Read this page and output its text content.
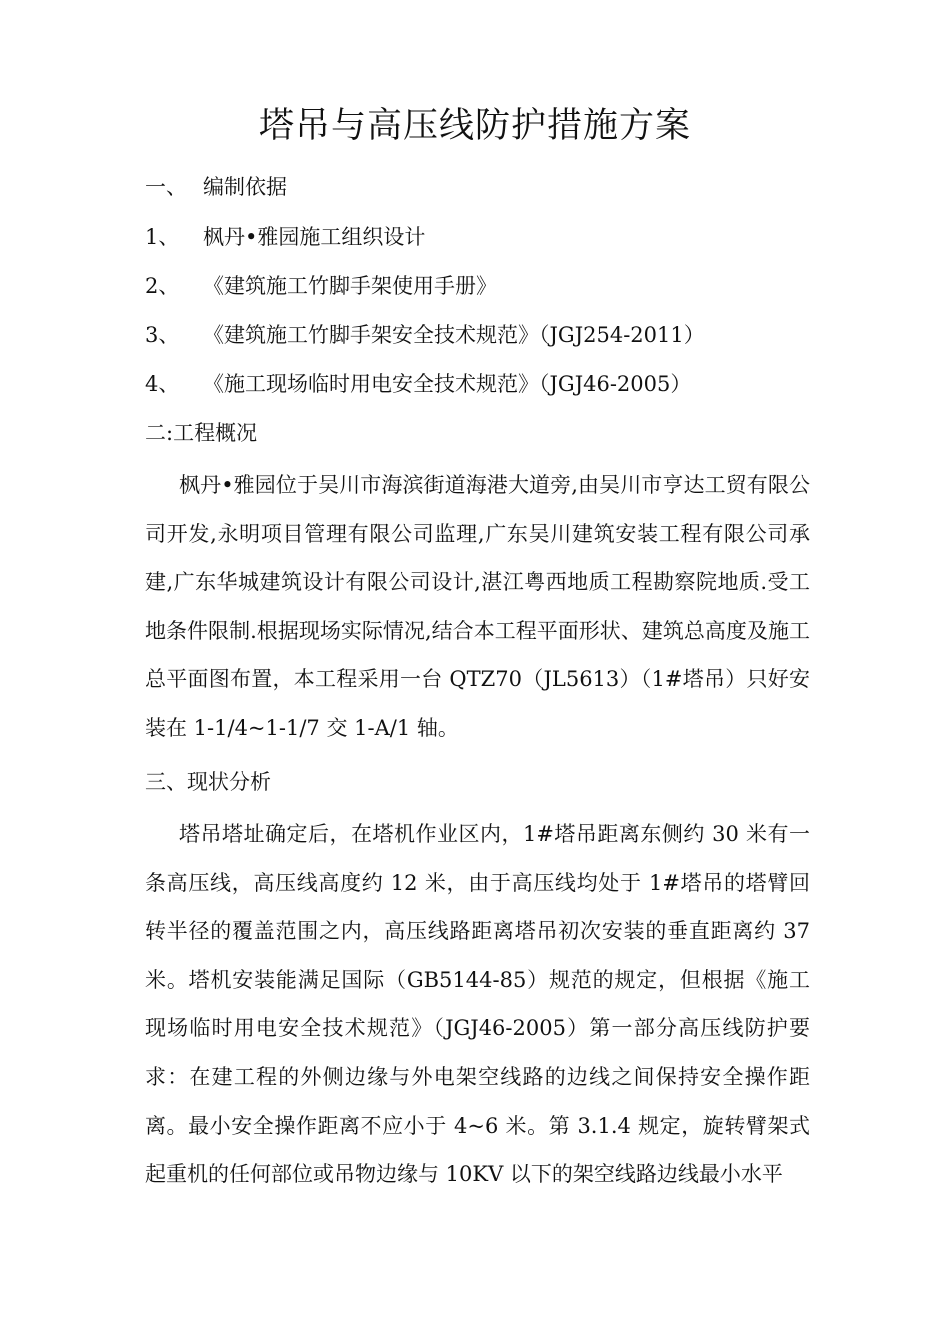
塔吊与高压线防护措施方案

一、 编制依据

1、 枫丹•雅园施工组织设计

2、 《建筑施工竹脚手架使用手册》

3、 《建筑施工竹脚手架安全技术规范》（JGJ254-2011）

4、 《施工现场临时用电安全技术规范》（JGJ46-2005）

二:工程概况

枫丹•雅园位于吴川市海滨街道海港大道旁,由吴川市亨达工贸有限公司开发,永明项目管理有限公司监理,广东吴川建筑安装工程有限公司承建,广东华城建筑设计有限公司设计,湛江粤西地质工程勘察院地质.受工地条件限制.根据现场实际情况,结合本工程平面形状、建筑总高度及施工总平面图布置，本工程采用一台 QTZ70（JL5613）（1#塔吊）只好安装在 1-1/4~1-1/7 交 1-A/1 轴。

三、现状分析

塔吊塔址确定后，在塔机作业区内，1#塔吊距离东侧约 30 米有一条高压线，高压线高度约 12 米，由于高压线均处于 1#塔吊的塔臂回转半径的覆盖范围之内，高压线路距离塔吊初次安装的垂直距离约 37 米。塔机安装能满足国际（GB5144-85）规范的规定，但根据《施工现场临时用电安全技术规范》（JGJ46-2005）第一部分高压线防护要求：在建工程的外侧边缘与外电架空线路的边线之间保持安全操作距离。最小安全操作距离不应小于 4~6 米。第 3.1.4 规定，旋转臂架式起重机的任何部位或吊物边缘与 10KV 以下的架空线路边线最小水平
